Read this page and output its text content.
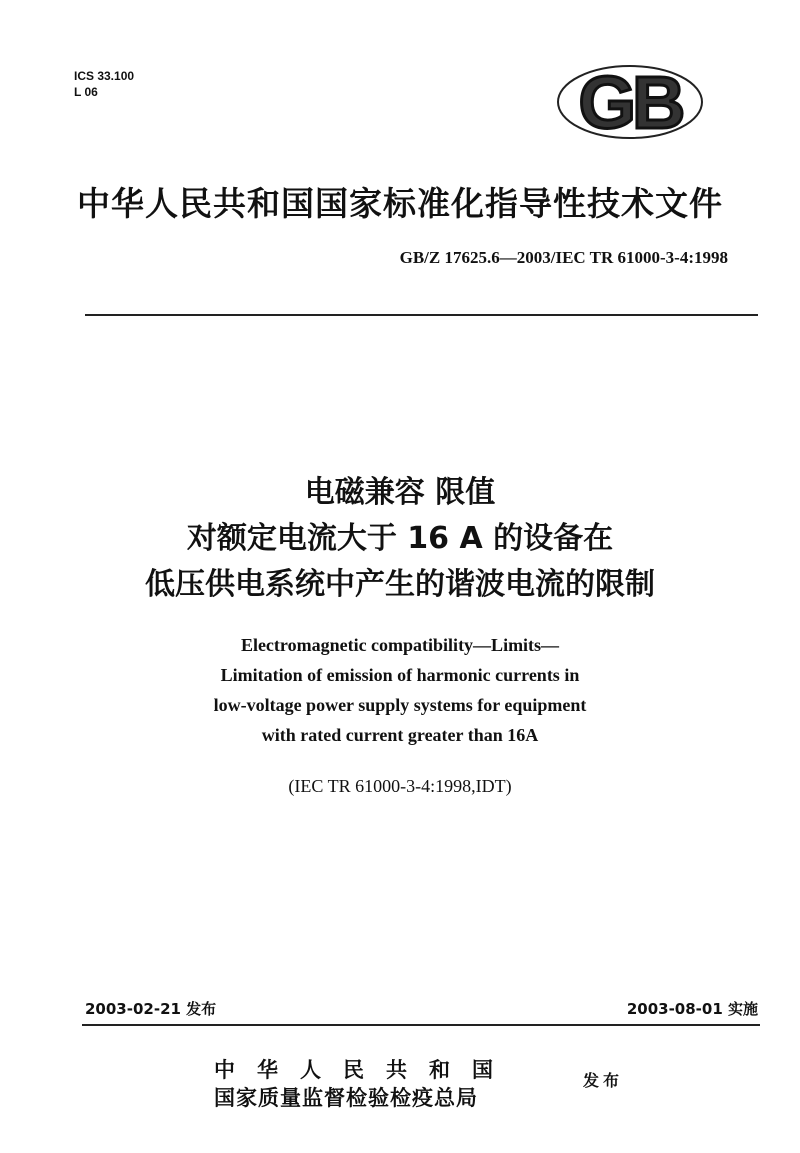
ICS 33.100
L 06	GB
中华人民共和国国家标准化指导性技术文件
GB/Z 17625.6—2003/IEC TR 61000-3-4:1998
电磁兼容 限值
对额定电流大于 16 A 的设备在
低压供电系统中产生的谐波电流的限制
Electromagnetic compatibility—Limits—
Limitation of emission of harmonic currents in
low-voltage power supply systems for equipment
with rated current greater than 16A
(IEC TR 61000-3-4:1998,IDT)
2003-02-21 发布	2003-08-01 实施
中华人民共和国
国家质量监督检验检疫总局
发布
